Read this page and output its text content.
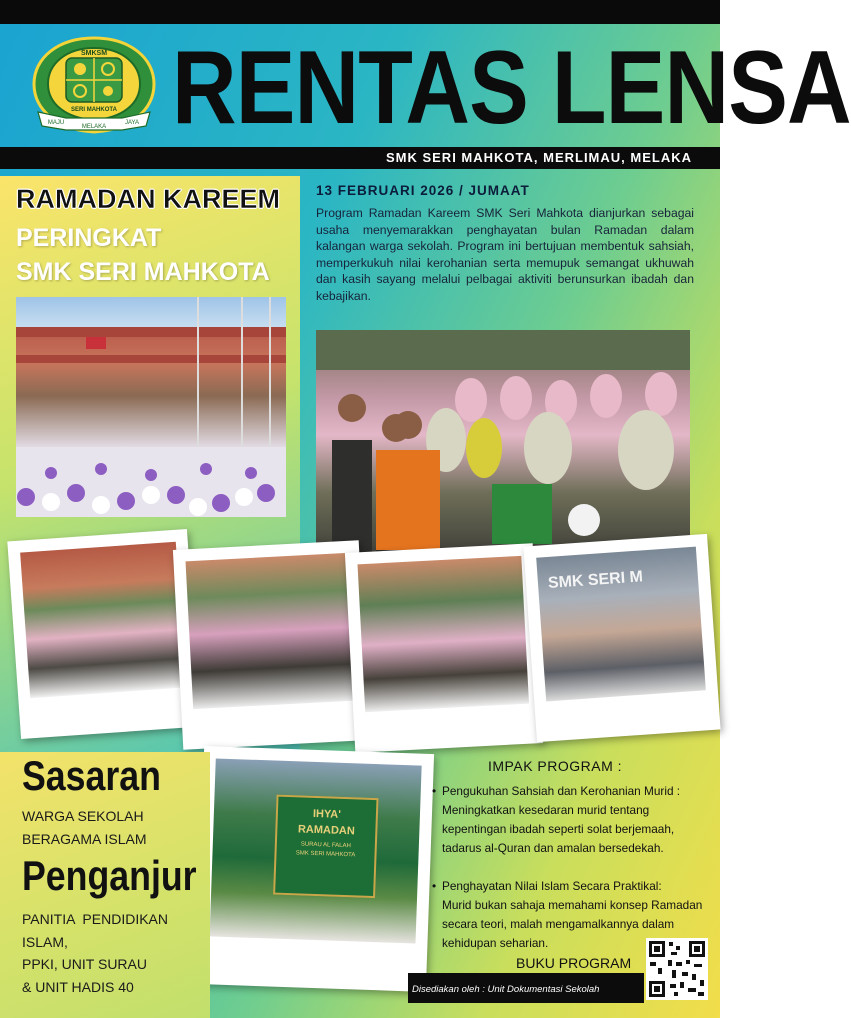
SMKSM
SERI MAHKOTA
MAJU	JAYA
MELAKA RENTAS LENSA
SMK SERI MAHKOTA, MERLIMAU, MELAKA
RAMADAN KAREEM
PERINGKAT
SMK SERI MAHKOTA
13 FEBRUARI 2026 / JUMAAT
Program Ramadan Kareem SMK Seri Mahkota dianjurkan sebagai usaha menyemarakkan penghayatan bulan Ramadan dalam kalangan warga sekolah. Program ini bertujuan membentuk sahsiah, memperkukuh nilai kerohanian serta memupuk semangat ukhuwah dan kasih sayang melalui pelbagai aktiviti berunsurkan ibadah dan kebajikan.
SMK SERI M
IHYA'
RAMADAN
SURAU AL FALAH
SMK SERI MAHKOTA
Sasaran
WARGA SEKOLAH
BERAGAMA ISLAM
Penganjur
PANITIA  PENDIDIKAN
ISLAM,
PPKI, UNIT SURAU
& UNIT HADIS 40
IMPAK PROGRAM :
• Pengukuhan Sahsiah dan Kerohanian Murid :
Meningkatkan kesedaran murid tentang kepentingan ibadah seperti solat berjemaah, tadarus al-Quran dan amalan bersedekah.
• Penghayatan Nilai Islam Secara Praktikal:
Murid bukan sahaja memahami konsep Ramadan secara teori, malah mengamalkannya dalam kehidupan seharian.
BUKU PROGRAM
Disediakan oleh : Unit Dokumentasi Sekolah
